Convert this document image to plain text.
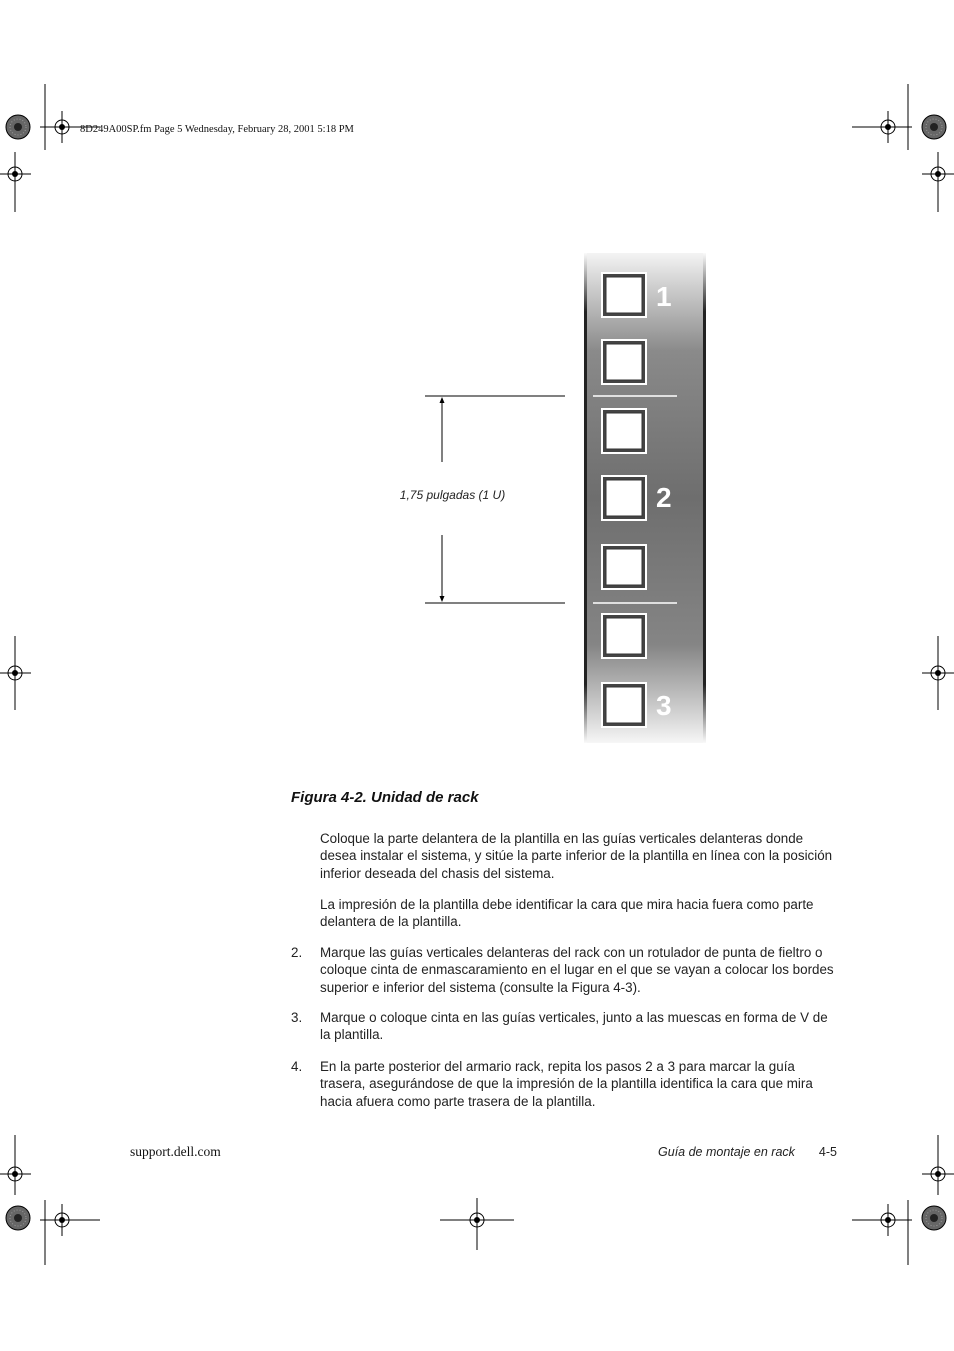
8D249A00SP.fm Page 5 Wednesday, February 28, 2001 5:18 PM
1
2
3
1,75 pulgadas (1 U)
Figura 4-2. Unidad de rack
Coloque la parte delantera de la plantilla en las guías verticales delanteras donde desea instalar el sistema, y sitúe la parte inferior de la plantilla en línea con la posición inferior deseada del chasis del sistema.
La impresión de la plantilla debe identificar la cara que mira hacia fuera como parte delantera de la plantilla.
2. Marque las guías verticales delanteras del rack con un rotulador de punta de fieltro o coloque cinta de enmascaramiento en el lugar en el que se vayan a colocar los bordes superior e inferior del sistema (consulte la Figura 4-3).
3. Marque o coloque cinta en las guías verticales, junto a las muescas en forma de V de la plantilla.
4. En la parte posterior del armario rack, repita los pasos 2 a 3 para marcar la guía trasera, asegurándose de que la impresión de la plantilla identifica la cara que mira hacia afuera como parte trasera de la plantilla.
support.dell.com	Guía de montaje en rack 4-5
